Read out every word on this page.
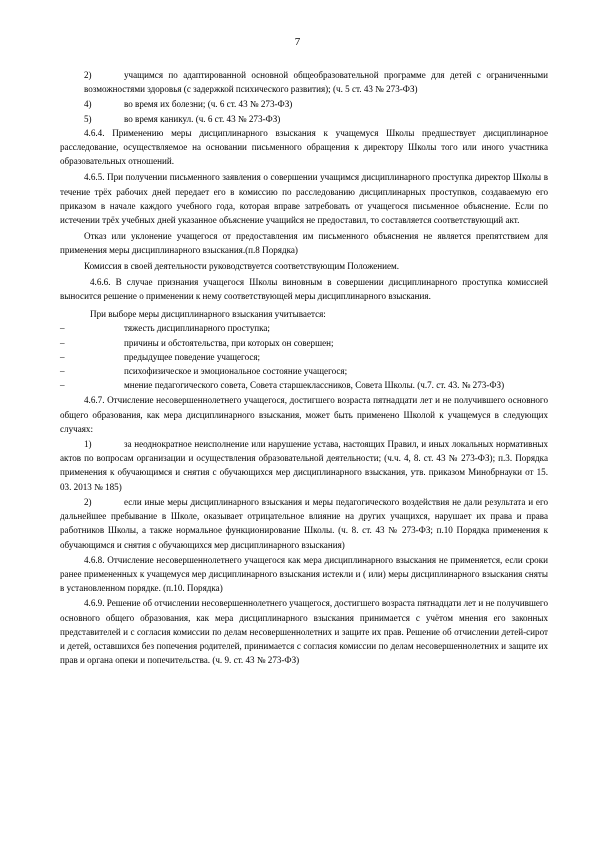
7

2)	учащимся по адаптированной основной общеобразовательной программе для детей с ограниченными возможностями здоровья (с задержкой психического развития); (ч. 5 ст. 43 № 273-ФЗ)

4)	во время их болезни; (ч. 6 ст. 43 № 273-ФЗ)

5)	во время каникул. (ч. 6 ст. 43 № 273-ФЗ)

4.6.4. Применению меры дисциплинарного взыскания к учащемуся Школы предшествует дисциплинарное расследование, осуществляемое на основании письменного обращения к директору Школы того или иного участника образовательных отношений.

4.6.5. При получении письменного заявления о совершении учащимся дисциплинарного проступка директор Школы в течение трёх рабочих дней передает его в комиссию по расследованию дисциплинарных проступков, создаваемую его приказом в начале каждого учебного года, которая вправе затребовать от учащегося письменное объяснение. Если по истечении трёх учебных дней указанное объяснение учащийся не предоставил, то составляется соответствующий акт.

Отказ или уклонение учащегося от предоставления им письменного объяснения не является препятствием для применения меры дисциплинарного взыскания.(п.8 Порядка)

Комиссия в своей деятельности руководствуется соответствующим Положением.

4.6.6. В случае признания учащегося Школы виновным в совершении дисциплинарного проступка комиссией выносится решение о применении к нему соответствующей меры дисциплинарного взыскания.

При выборе меры дисциплинарного взыскания учитывается:

–	тяжесть дисциплинарного проступка;

–	причины и обстоятельства, при которых он совершен;

–	предыдущее поведение учащегося;

–	психофизическое и эмоциональное состояние учащегося;

–	мнение педагогического совета, Совета старшеклассников, Совета Школы. (ч.7. ст. 43. № 273-ФЗ)

4.6.7. Отчисление несовершеннолетнего учащегося, достигшего возраста пятнадцати лет и не получившего основного общего образования, как мера дисциплинарного взыскания, может быть применено Школой к учащемуся в следующих случаях:

1)	за неоднократное неисполнение или нарушение устава, настоящих Правил, и иных локальных нормативных актов по вопросам организации и осуществления образовательной деятельности; (ч.ч. 4, 8. ст. 43 № 273-ФЗ); п.3. Порядка применения к обучающимся и снятия с обучающихся мер дисциплинарного взыскания, утв. приказом Минобрнауки от 15. 03. 2013 № 185)

2)	если иные меры дисциплинарного взыскания и меры педагогического воздействия не дали результата и его дальнейшее пребывание в Школе, оказывает отрицательное влияние на других учащихся, нарушает их права и права работников Школы, а также нормальное функционирование Школы. (ч. 8. ст. 43 № 273-ФЗ; п.10 Порядка применения к обучающимся и снятия с обучающихся мер дисциплинарного взыскания)

4.6.8. Отчисление несовершеннолетнего учащегося как мера дисциплинарного взыскания не применяется, если сроки ранее примененных к учащемуся мер дисциплинарного взыскания истекли и ( или) меры дисциплинарного взыскания сняты в установленном порядке. (п.10. Порядка)

4.6.9. Решение об отчислении несовершеннолетнего учащегося, достигшего возраста пятнадцати лет и не получившего основного общего образования, как мера дисциплинарного взыскания принимается с учётом мнения его законных представителей и с согласия комиссии по делам несовершеннолетних и защите их прав. Решение об отчислении детей-сирот и детей, оставшихся без попечения родителей, принимается с согласия комиссии по делам несовершеннолетних и защите их прав и органа опеки и попечительства. (ч. 9. ст. 43 № 273-ФЗ)
